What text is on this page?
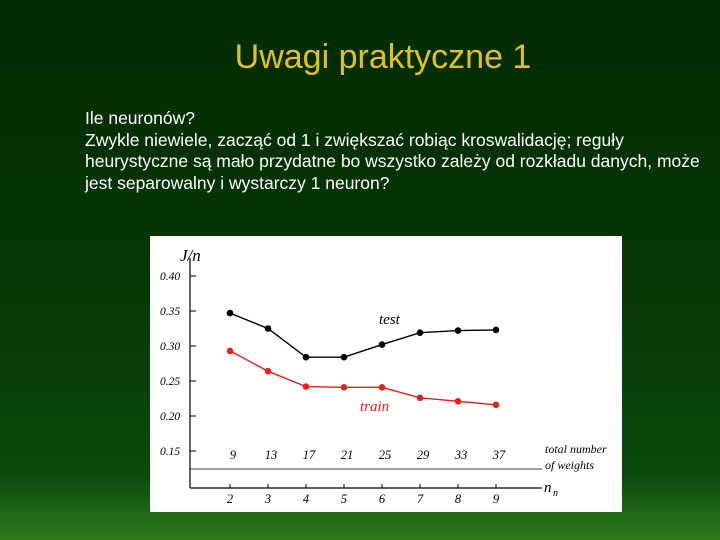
Uwagi praktyczne 1

Ile neuronów?

Zwykle niewiele, zacząć od 1 i zwiększać robiąc kroswalidację; reguły heurystyczne są mało przydatne bo wszystko zależy od rozkładu danych, może jest separowalny i wystarczy 1 neuron?

0.40
0.35
0.30
0.25
0.20
0.15
2	3	4	5	6	7	8	9
9 13 17 21 25 29 33 37
J/n
test
train
total number
of weights
n n
